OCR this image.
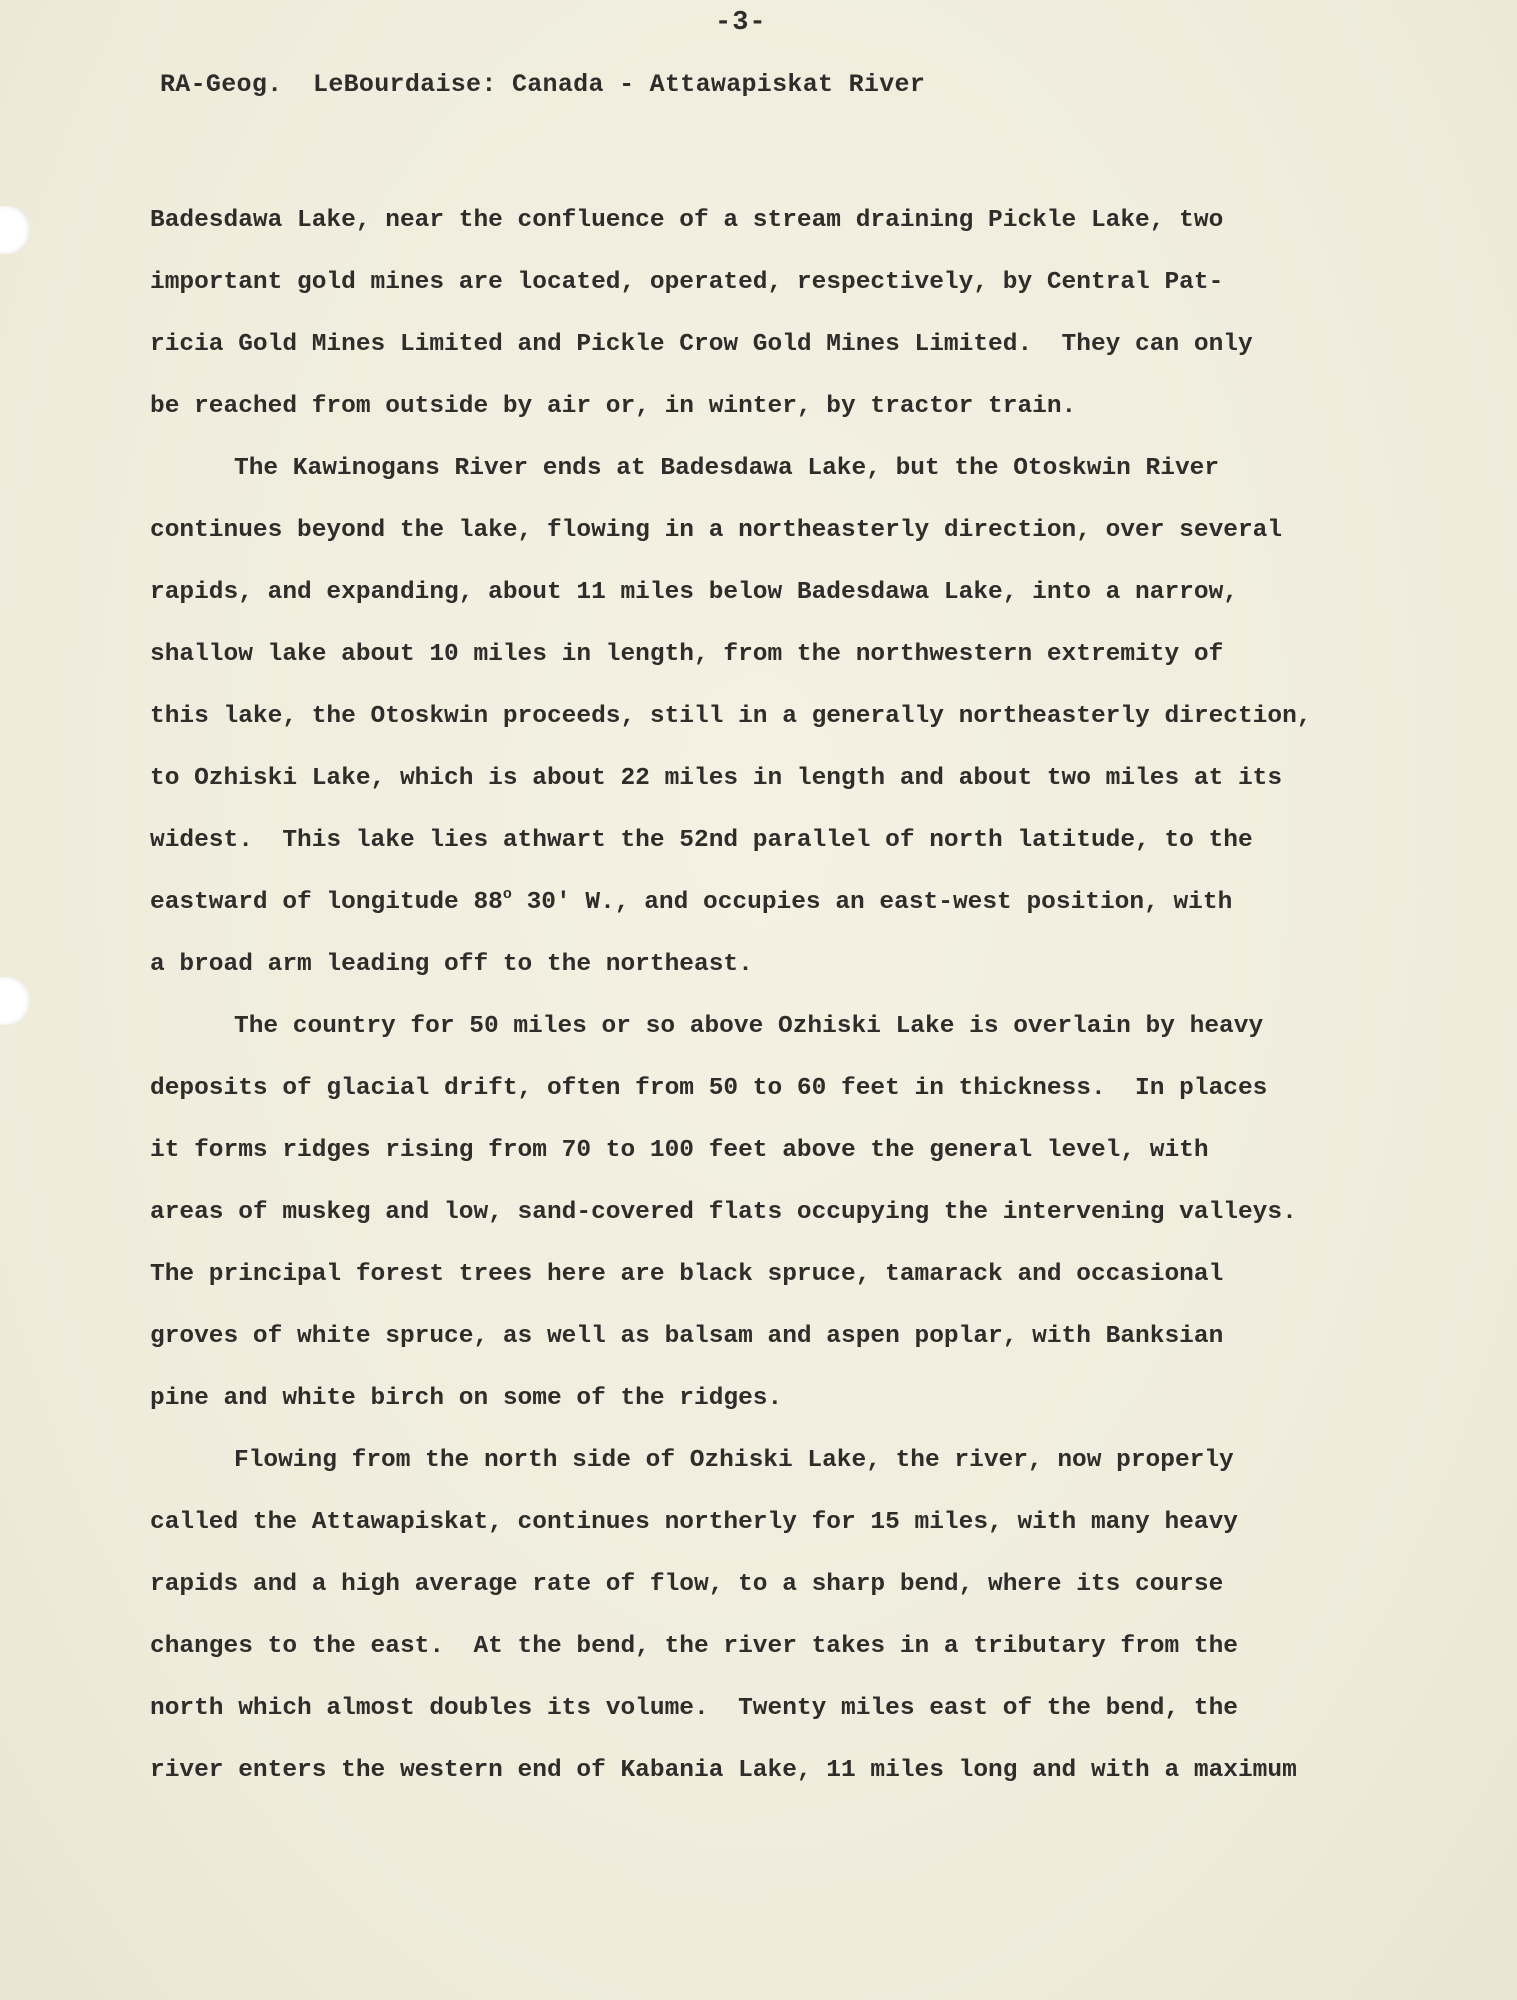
-3-
RA-Geog.  LeBourdaise: Canada - Attawapiskat River
Badesdawa Lake, near the confluence of a stream draining Pickle Lake, two
important gold mines are located, operated, respectively, by Central Pat-
ricia Gold Mines Limited and Pickle Crow Gold Mines Limited.  They can only
be reached from outside by air or, in winter, by tractor train.
The Kawinogans River ends at Badesdawa Lake, but the Otoskwin River
continues beyond the lake, flowing in a northeasterly direction, over several
rapids, and expanding, about 11 miles below Badesdawa Lake, into a narrow,
shallow lake about 10 miles in length, from the northwestern extremity of
this lake, the Otoskwin proceeds, still in a generally northeasterly direction,
to Ozhiski Lake, which is about 22 miles in length and about two miles at its
widest.  This lake lies athwart the 52nd parallel of north latitude, to the
eastward of longitude 88$^o$ 30' W., and occupies an east-west position, with
a broad arm leading off to the northeast.
The country for 50 miles or so above Ozhiski Lake is overlain by heavy
deposits of glacial drift, often from 50 to 60 feet in thickness.  In places
it forms ridges rising from 70 to 100 feet above the general level, with
areas of muskeg and low, sand-covered flats occupying the intervening valleys.
The principal forest trees here are black spruce, tamarack and occasional
groves of white spruce, as well as balsam and aspen poplar, with Banksian
pine and white birch on some of the ridges.
Flowing from the north side of Ozhiski Lake, the river, now properly
called the Attawapiskat, continues northerly for 15 miles, with many heavy
rapids and a high average rate of flow, to a sharp bend, where its course
changes to the east.  At the bend, the river takes in a tributary from the
north which almost doubles its volume.  Twenty miles east of the bend, the
river enters the western end of Kabania Lake, 11 miles long and with a maximum
